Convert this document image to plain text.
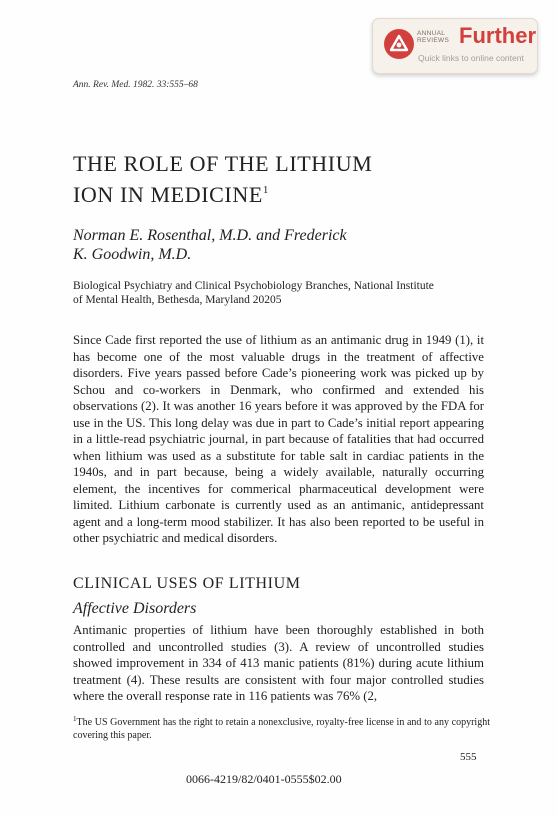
ANNUAL
REVIEWS Further
Quick links to online content
Ann. Rev. Med. 1982. 33:555–68
THE ROLE OF THE LITHIUM
ION IN MEDICINE$^1$
Norman E. Rosenthal, M.D. and Frederick
K. Goodwin, M.D.
Biological Psychiatry and Clinical Psychobiology Branches, National Institute
of Mental Health, Bethesda, Maryland 20205

Since Cade first reported the use of lithium as an antimanic drug in 1949 (1), it has become one of the most valuable drugs in the treatment of affective disorders. Five years passed before Cade’s pioneering work was picked up by Schou and co-workers in Denmark, who confirmed and extended his observations (2). It was another 16 years before it was approved by the FDA for use in the US. This long delay was due in part to Cade’s initial report appearing in a little-read psychiatric journal, in part because of fatalities that had occurred when lithium was used as a substitute for table salt in cardiac patients in the 1940s, and in part because, being a widely available, naturally occurring element, the incentives for commerical pharmaceutical development were limited. Lithium carbonate is currently used as an antimanic, antidepressant agent and a long-term mood stabilizer. It has also been reported to be useful in other psychiatric and medical disorders.

CLINICAL USES OF LITHIUM
Affective Disorders

Antimanic properties of lithium have been thoroughly established in both controlled and uncontrolled studies (3). A review of uncontrolled studies showed improvement in 334 of 413 manic patients (81%) during acute lithium treatment (4). These results are consistent with four major controlled studies where the overall response rate in 116 patients was 76% (2,

$^1$The US Government has the right to retain a nonexclusive, royalty-free license in and to any copyright covering this paper.
555
0066-4219/82/0401-0555$02.00
